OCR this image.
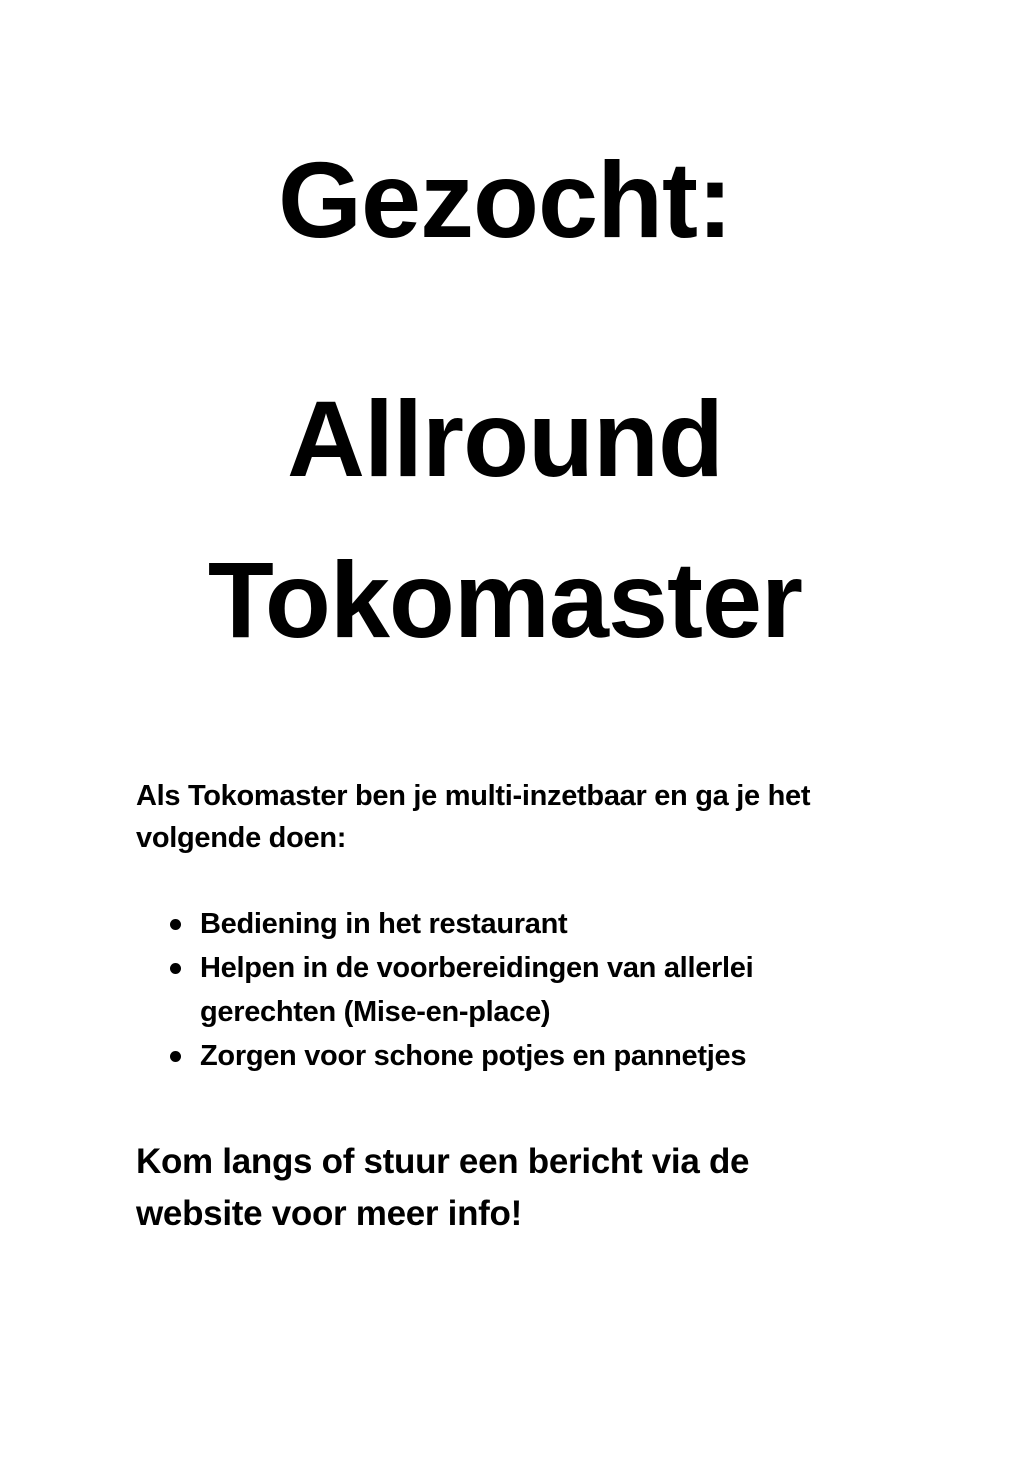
Gezocht:
Allround
Tokomaster

Als Tokomaster ben je multi-inzetbaar en ga je het volgende doen:

Bediening in het restaurant
Helpen in de voorbereidingen van allerlei gerechten (Mise-en-place)
Zorgen voor schone potjes en pannetjes

Kom langs of stuur een bericht via de website voor meer info!
